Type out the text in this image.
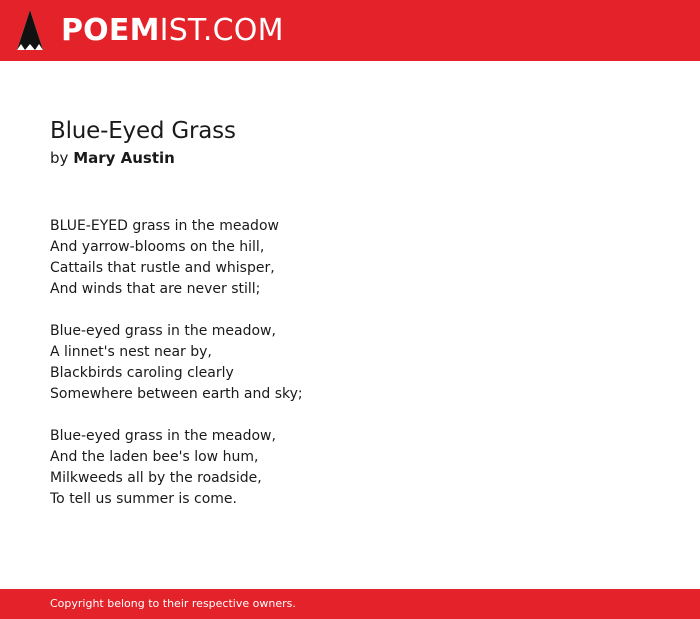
POEMIST.COM
Blue-Eyed Grass
by Mary Austin
BLUE-EYED grass in the meadow
And yarrow-blooms on the hill,
Cattails that rustle and whisper,
And winds that are never still;
Blue-eyed grass in the meadow,
A linnet's nest near by,
Blackbirds caroling clearly
Somewhere between earth and sky;
Blue-eyed grass in the meadow,
And the laden bee's low hum,
Milkweeds all by the roadside,
To tell us summer is come.
Copyright belong to their respective owners.
